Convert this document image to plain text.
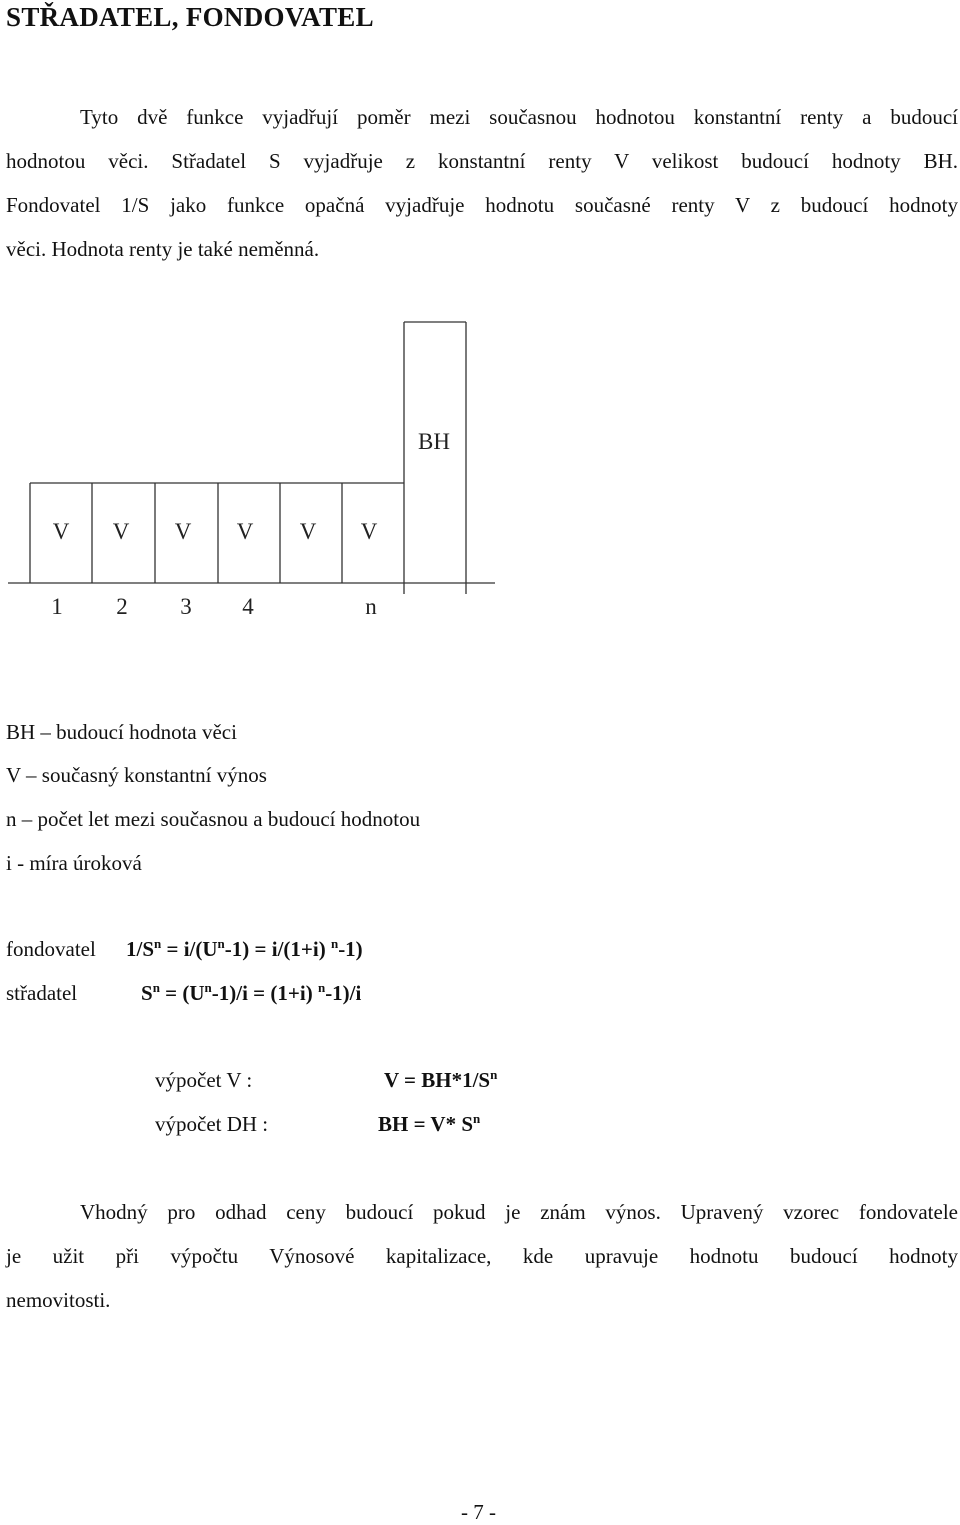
STŘADATEL, FONDOVATEL
Tyto dvě funkce vyjadřují poměr mezi současnou hodnotou konstantní renty a budoucí
hodnotou věci. Střadatel S vyjadřuje z konstantní renty V velikost budoucí hodnoty BH.
Fondovatel 1/S jako funkce opačná vyjadřuje hodnotu současné renty V z budoucí hodnoty
věci. Hodnota renty je také neměnná.
BH
V V V V V V
1 2 3 4	n
BH – budoucí hodnota věci
V – současný konstantní výnos
n – počet let mezi současnou a budoucí hodnotou
i - míra úroková
fondovatel $1/S^n = i/(U^n-1) = i/(1+i)$ $^n$-1)
střadatel	$S^n = (U^n-1)/i = (1+i)$ $^n$-1)/i
výpočet V :	$V = BH*1/S^n$
výpočet DH :	BH = V* $S^n$
Vhodný pro odhad ceny budoucí pokud je znám výnos. Upravený vzorec fondovatele
je užit při výpočtu Výnosové kapitalizace, kde upravuje hodnotu budoucí hodnoty
nemovitosti.
- 7 -
